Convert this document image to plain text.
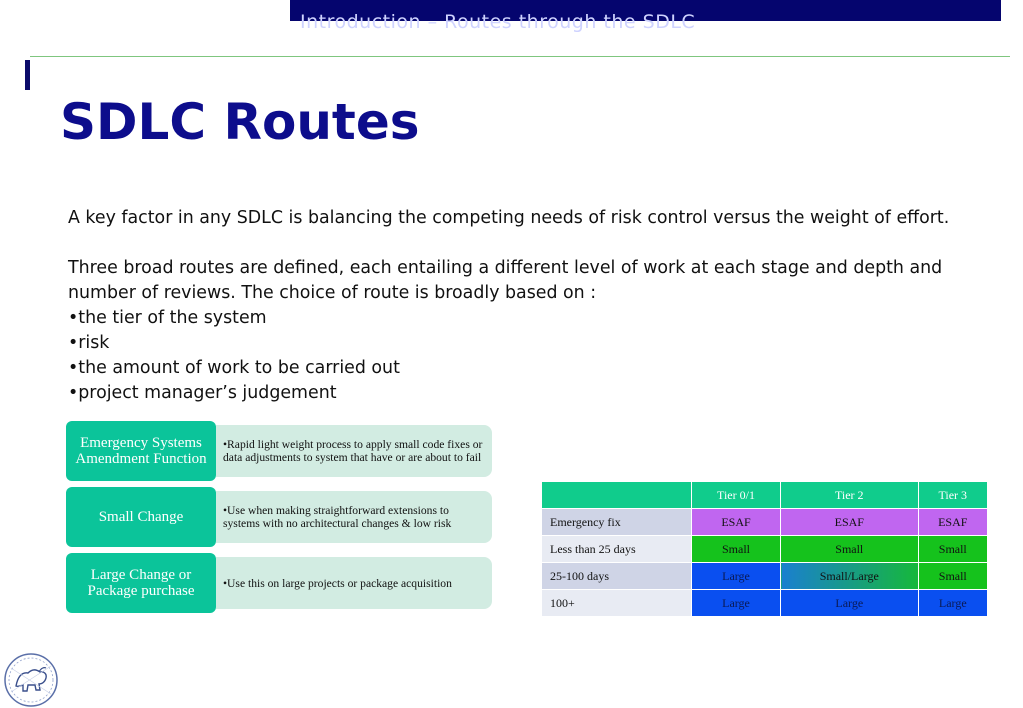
Introduction – Routes through the SDLC
SDLC Routes

A key factor in any SDLC is balancing the competing needs of risk control versus the weight of effort.

Three broad routes are defined, each entailing a different level of work at each stage and depth and number of reviews. The choice of route is broadly based on :

•the tier of the system

•risk

•the amount of work to be carried out

•project manager’s judgement

Emergency Systems Amendment Function
•Rapid light weight process to apply small code fixes or data adjustments to system that have or are about to fail
Small Change	•Use when making straightforward extensions to systems with no architectural changes & low risk
Large Change or Package purchase	•Use this on large projects or package acquisition
	Tier 0/1	Tier 2	Tier 3
Emergency fix	ESAF	ESAF	ESAF
Less than 25 days	Small	Small	Small
25-100 days	Large	Small/Large	Small
100+	Large	Large	Large
